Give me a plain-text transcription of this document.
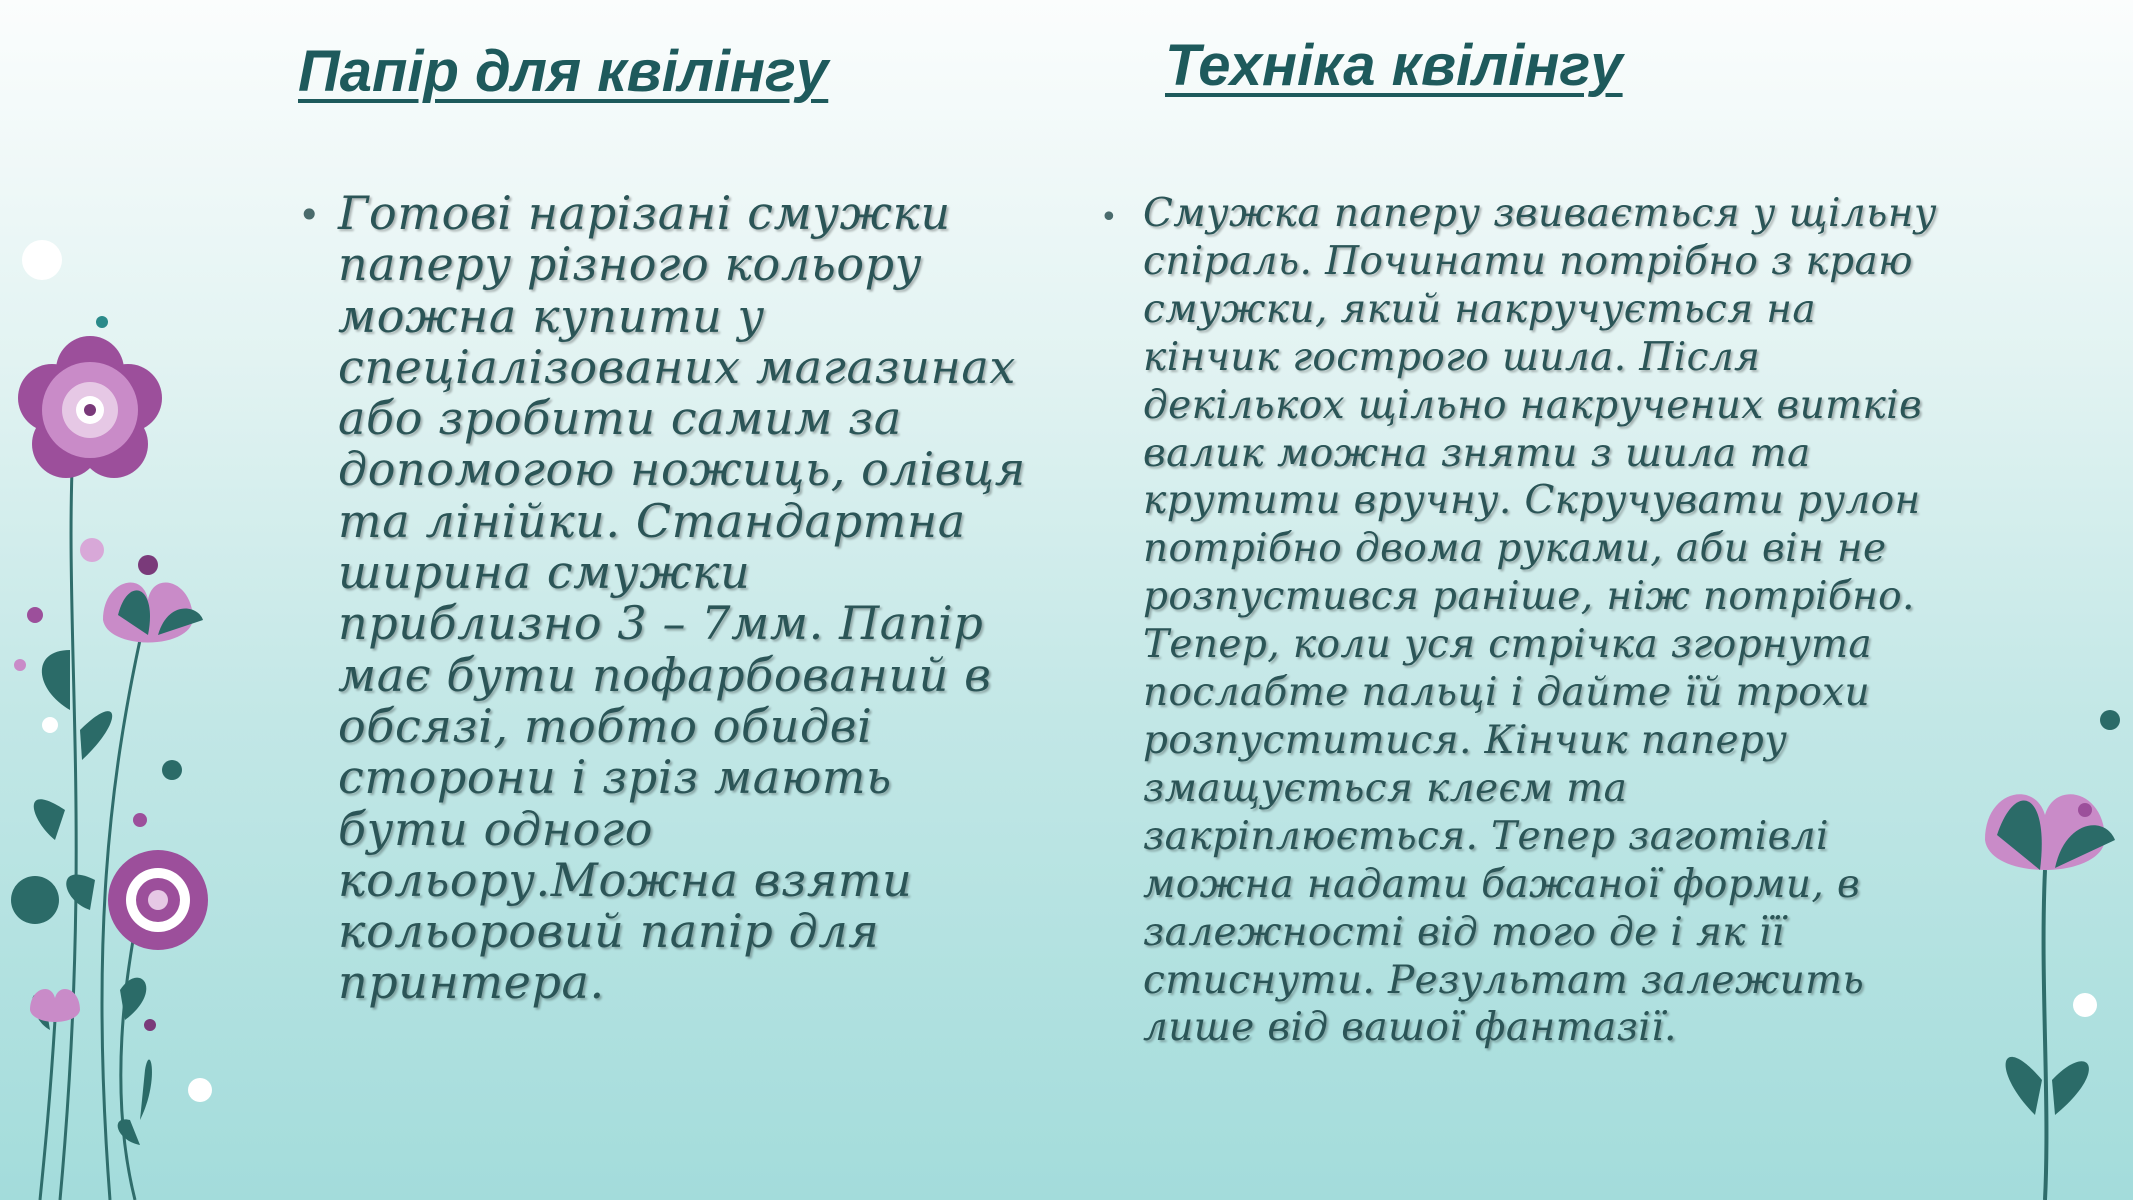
Папір для квілінгу
• Готові нарізані смужки паперу різного кольору можна купити у спеціалізованих магазинах або зробити самим за допомогою ножиць, олівця та лінійки. Стандартна ширина смужки приблизно 3 – 7мм. Папір має бути пофарбований в обсязі, тобто обидві сторони і зріз мають бути одного кольору.Можна взяти кольоровий папір для принтера.

Техніка квілінгу
• Смужка паперу звивається у щільну спіраль. Починати потрібно з краю смужки, який накручується на кінчик гострого шила. Після декількох щільно накручених витків валик можна зняти з шила та крутити вручну. Скручувати рулон потрібно двома руками, аби він не розпустився раніше, ніж потрібно. Тепер, коли уся стрічка згорнута послабте пальці і дайте їй трохи розпуститися. Кінчик паперу змащується клеєм та закріплюється. Тепер заготівлі можна надати бажаної форми, в залежності від того де і як її стиснути. Результат залежить лише від вашої фантазії.
